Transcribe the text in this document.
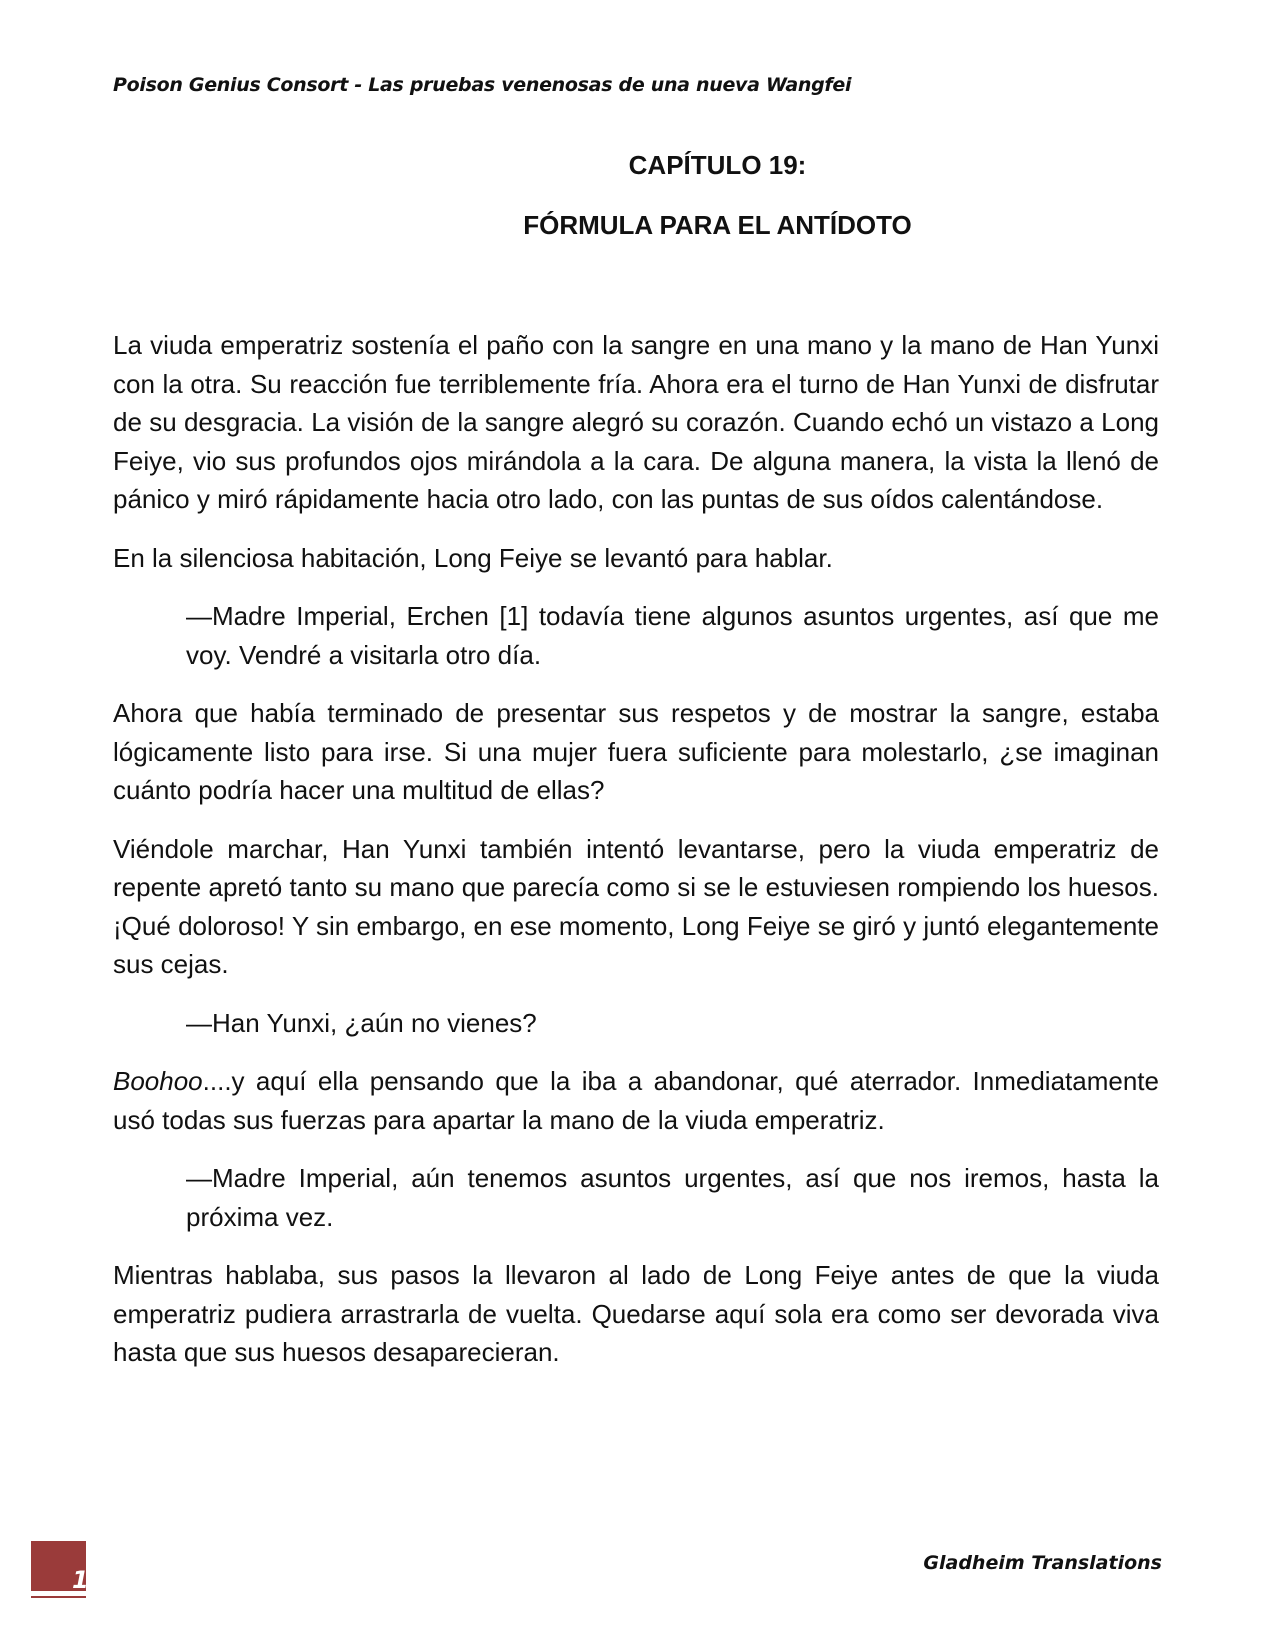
Poison Genius Consort - Las pruebas venenosas de una nueva Wangfei
CAPÍTULO 19:
FÓRMULA PARA EL ANTÍDOTO

La viuda emperatriz sostenía el paño con la sangre en una mano y la mano de Han Yunxi con la otra. Su reacción fue terriblemente fría. Ahora era el turno de Han Yunxi de disfrutar de su desgracia. La visión de la sangre alegró su corazón. Cuando echó un vistazo a Long Feiye, vio sus profundos ojos mirándola a la cara. De alguna manera, la vista la llenó de pánico y miró rápidamente hacia otro lado, con las puntas de sus oídos calentándose.

En la silenciosa habitación, Long Feiye se levantó para hablar.

—Madre Imperial, Erchen [1] todavía tiene algunos asuntos urgentes, así que me voy. Vendré a visitarla otro día.

Ahora que había terminado de presentar sus respetos y de mostrar la sangre, estaba lógicamente listo para irse. Si una mujer fuera suficiente para molestarlo, ¿se imaginan cuánto podría hacer una multitud de ellas?

Viéndole marchar, Han Yunxi también intentó levantarse, pero la viuda emperatriz de repente apretó tanto su mano que parecía como si se le estuviesen rompiendo los huesos. ¡Qué doloroso! Y sin embargo, en ese momento, Long Feiye se giró y juntó elegantemente sus cejas.

—Han Yunxi, ¿aún no vienes?

Boohoo....y aquí ella pensando que la iba a abandonar, qué aterrador. Inmediatamente usó todas sus fuerzas para apartar la mano de la viuda emperatriz.

—Madre Imperial, aún tenemos asuntos urgentes, así que nos iremos, hasta la próxima vez.

Mientras hablaba, sus pasos la llevaron al lado de Long Feiye antes de que la viuda emperatriz pudiera arrastrarla de vuelta. Quedarse aquí sola era como ser devorada viva hasta que sus huesos desaparecieran.

1
Gladheim Translations
